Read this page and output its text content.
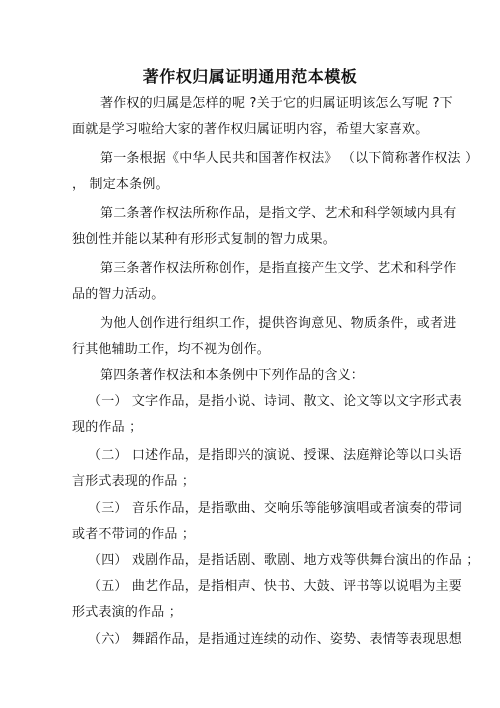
著作权归属证明通用范本模板
著作权的归属是怎样的呢 ?关于它的归属证明该怎么写呢 ?下
面就是学习啦给大家的著作权归属证明内容，希望大家喜欢。
第一条根据《中华人民共和国著作权法》 （以下简称著作权法 ）
， 制定本条例。
第二条著作权法所称作品，是指文学、艺术和科学领域内具有
独创性并能以某种有形形式复制的智力成果。
第三条著作权法所称创作，是指直接产生文学、艺术和科学作
品的智力活动。
为他人创作进行组织工作，提供咨询意见、物质条件，或者进
行其他辅助工作，均不视为创作。
第四条著作权法和本条例中下列作品的含义：
（一） 文字作品，是指小说、诗词、散文、论文等以文字形式表
现的作品 ；
（二） 口述作品，是指即兴的演说、授课、法庭辩论等以口头语
言形式表现的作品 ；
（三） 音乐作品，是指歌曲、交响乐等能够演唱或者演奏的带词
或者不带词的作品 ；
（四） 戏剧作品，是指话剧、歌剧、地方戏等供舞台演出的作品 ；
（五） 曲艺作品，是指相声、快书、大鼓、评书等以说唱为主要
形式表演的作品 ；
（六） 舞蹈作品，是指通过连续的动作、姿势、表情等表现思想
